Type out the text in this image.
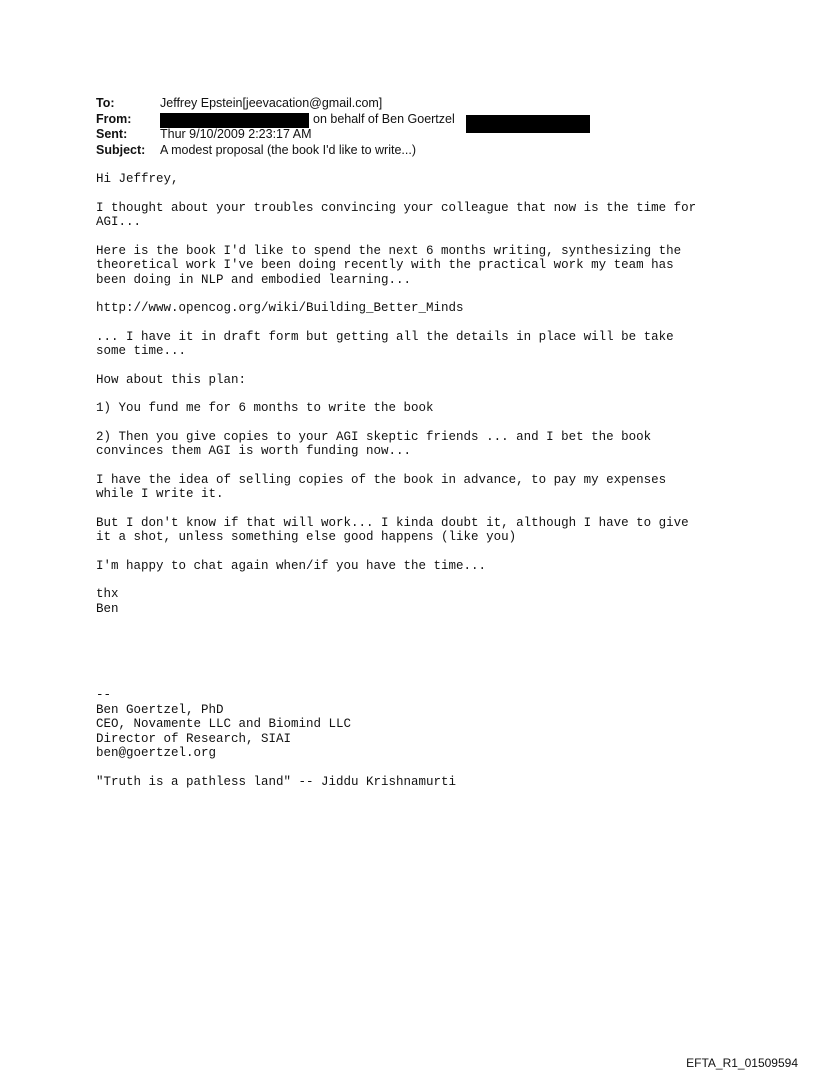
To:	Jeffrey Epstein[jeevacation@gmail.com]
From:	on behalf of Ben Goertzel
Sent:	Thur 9/10/2009 2:23:17 AM
Subject: A modest proposal (the book I'd like to write...)
Hi Jeffrey,
I thought about your troubles convincing your colleague that now is the time for
AGI...
Here is the book I'd like to spend the next 6 months writing, synthesizing the
theoretical work I've been doing recently with the practical work my team has
been doing in NLP and embodied learning...
http://www.opencog.org/wiki/Building_Better_Minds
... I have it in draft form but getting all the details in place will be take
some time...
How about this plan:
1) You fund me for 6 months to write the book
2) Then you give copies to your AGI skeptic friends ... and I bet the book
convinces them AGI is worth funding now...
I have the idea of selling copies of the book in advance, to pay my expenses
while I write it.
But I don't know if that will work... I kinda doubt it, although I have to give
it a shot, unless something else good happens (like you)
I'm happy to chat again when/if you have the time...
thx
Ben
--
Ben Goertzel, PhD
CEO, Novamente LLC and Biomind LLC
Director of Research, SIAI
ben@goertzel.org
"Truth is a pathless land" -- Jiddu Krishnamurti
EFTA_R1_01509594
